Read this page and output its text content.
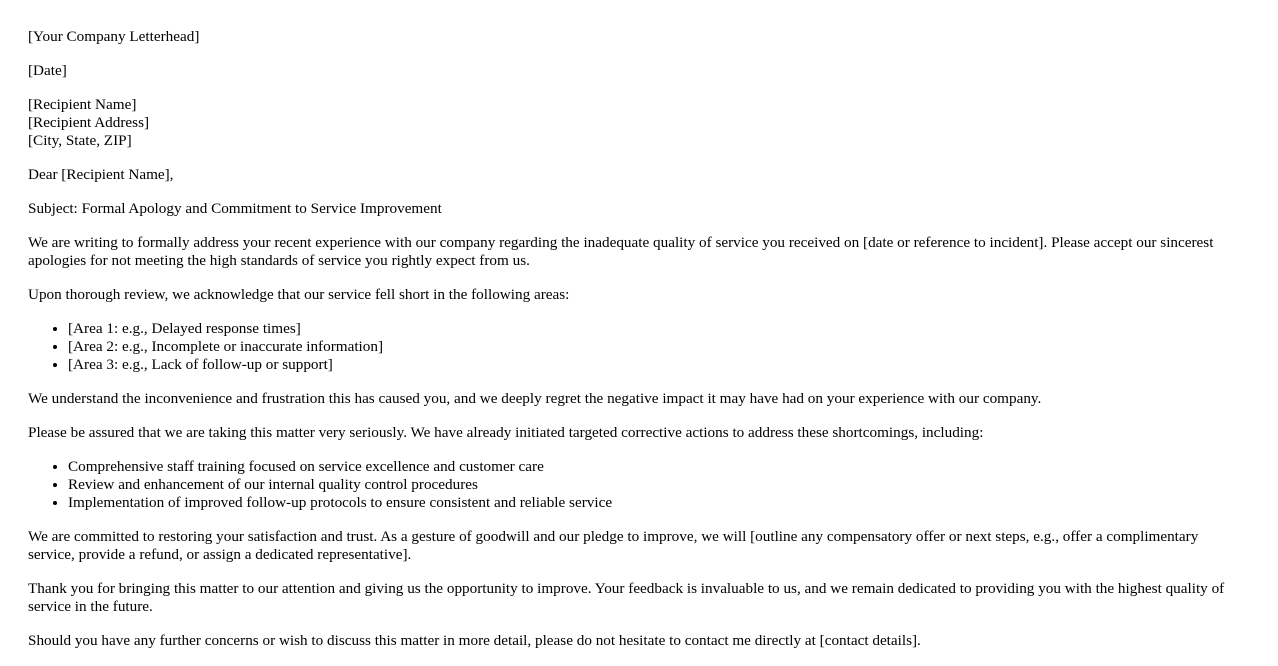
[Your Company Letterhead]

[Date]

[Recipient Name]
[Recipient Address]
[City, State, ZIP]

Dear [Recipient Name],

Subject: Formal Apology and Commitment to Service Improvement

We are writing to formally address your recent experience with our company regarding the inadequate quality of service you received on [date or reference to incident]. Please accept our sincerest apologies for not meeting the high standards of service you rightly expect from us.

Upon thorough review, we acknowledge that our service fell short in the following areas:

• [Area 1: e.g., Delayed response times]
• [Area 2: e.g., Incomplete or inaccurate information]
• [Area 3: e.g., Lack of follow-up or support]

We understand the inconvenience and frustration this has caused you, and we deeply regret the negative impact it may have had on your experience with our company.

Please be assured that we are taking this matter very seriously. We have already initiated targeted corrective actions to address these shortcomings, including:

• Comprehensive staff training focused on service excellence and customer care
• Review and enhancement of our internal quality control procedures
• Implementation of improved follow-up protocols to ensure consistent and reliable service

We are committed to restoring your satisfaction and trust. As a gesture of goodwill and our pledge to improve, we will [outline any compensatory offer or next steps, e.g., offer a complimentary service, provide a refund, or assign a dedicated representative].

Thank you for bringing this matter to our attention and giving us the opportunity to improve. Your feedback is invaluable to us, and we remain dedicated to providing you with the highest quality of service in the future.

Should you have any further concerns or wish to discuss this matter in more detail, please do not hesitate to contact me directly at [contact details].
